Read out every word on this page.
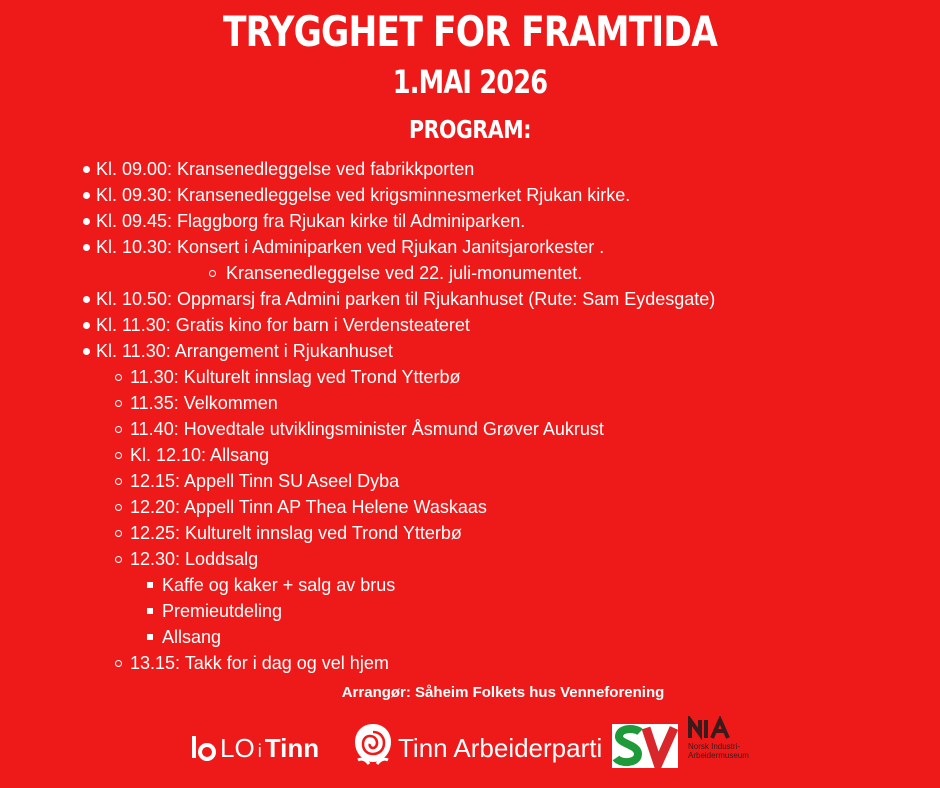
TRYGGHET FOR FRAMTIDA
1.MAI 2026
PROGRAM:
Kl. 09.00: Kransenedleggelse ved fabrikkporten
Kl. 09.30: Kransenedleggelse ved krigsminnesmerket Rjukan kirke.
Kl. 09.45: Flaggborg fra Rjukan kirke til Adminiparken.
Kl. 10.30: Konsert i Adminiparken ved Rjukan Janitsjarorkester .
Kransenedleggelse ved 22. juli-monumentet.
Kl. 10.50: Oppmarsj fra Admini parken til Rjukanhuset (Rute: Sam Eydesgate)
Kl. 11.30: Gratis kino for barn i Verdensteateret
Kl. 11.30: Arrangement i Rjukanhuset
11.30: Kulturelt innslag ved Trond Ytterbø
11.35: Velkommen
11.40: Hovedtale utviklingsminister Åsmund Grøver Aukrust
Kl. 12.10: Allsang
12.15: Appell Tinn SU Aseel Dyba
12.20: Appell Tinn AP Thea Helene Waskaas
12.25: Kulturelt innslag ved Trond Ytterbø
12.30: Loddsalg
Kaffe og kaker + salg av brus
Premieutdeling
Allsang
13.15: Takk for i dag og vel hjem
Arrangør: Såheim Folkets hus Venneforening
LO i Tinn	Tinn Arbeiderparti	Norsk Industri-
Arbeidermuseum
